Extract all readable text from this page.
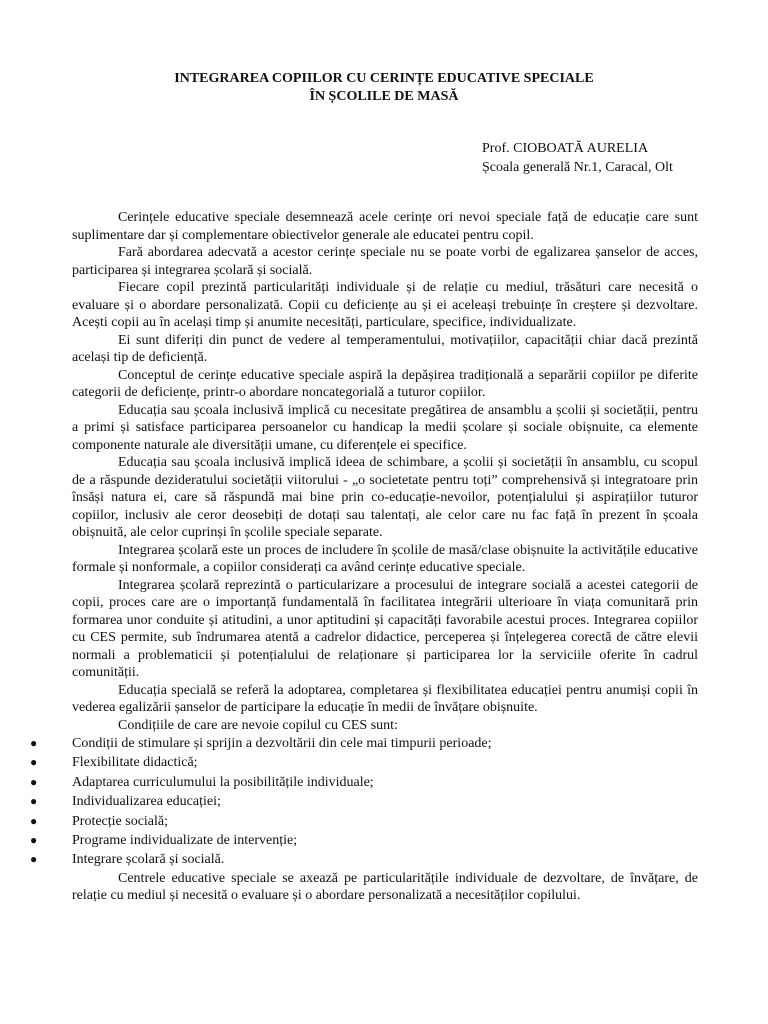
INTEGRAREA COPIILOR CU CERINȚE EDUCATIVE SPECIALE
ÎN ȘCOLILE DE MASĂ
Prof. CIOBOATĂ AURELIA
Școala generală Nr.1, Caracal, Olt

Cerințele educative speciale desemnează acele cerințe ori nevoi speciale față de educație care sunt suplimentare dar și complementare obiectivelor generale ale educatei pentru copil.

Fară abordarea adecvată a acestor cerințe speciale nu se poate vorbi de egalizarea șanselor de acces, participarea și integrarea școlară și socială.

Fiecare copil prezintă particularități individuale și de relație cu mediul, trăsături care necesită o evaluare și o abordare personalizată. Copii cu deficiențe au și ei aceleași trebuințe în creștere și dezvoltare. Acești copii au în același timp și anumite necesități, particulare, specifice, individualizate.

Ei sunt diferiți din punct de vedere al temperamentului, motivațiilor, capacității chiar dacă prezintă același tip de deficiență.

Conceptul de cerințe educative speciale aspiră la depășirea tradițională a separării copiilor pe diferite categorii de deficiențe, printr-o abordare noncategorială a tuturor copiilor.

Educația sau școala inclusivă implică cu necesitate pregătirea de ansamblu a școlii și societății, pentru a primi și satisface participarea persoanelor cu handicap la medii școlare și sociale obișnuite, ca elemente componente naturale ale diversității umane, cu diferențele ei specifice.

Educația sau școala inclusivă implică ideea de schimbare, a școlii și societății în ansamblu, cu scopul de a răspunde dezideratului societății viitorului - „o societetate pentru toți” comprehensivă și integratoare prin însăși natura ei, care să răspundă mai bine prin co-educație-nevoilor, potențialului și aspirațiilor tuturor copiilor, inclusiv ale ceror deosebiți de dotați sau talentați, ale celor care nu fac față în prezent în școala obișnuită, ale celor cuprinși în școlile speciale separate.

Integrarea școlară este un proces de includere în școlile de masă/clase obișnuite la activitățile educative formale și nonformale, a copiilor considerați ca având cerințe educative speciale.

Integrarea școlară reprezintă o particularizare a procesului de integrare socială a acestei categorii de copii, proces care are o importanță fundamentală în facilitatea integrării ulterioare în viața comunitară prin formarea unor conduite și atitudini, a unor aptitudini și capacități favorabile acestui proces. Integrarea copiilor cu CES permite, sub îndrumarea atentă a cadrelor didactice, perceperea și înțelegerea corectă de către elevii normali a problematicii și potențialului de relaționare și participarea lor la serviciile oferite în cadrul comunității.

Educația specială se referă la adoptarea, completarea și flexibilitatea educației pentru anumiși copii în vederea egalizării șanselor de participare la educație în medii de învățare obișnuite.

Condițiile de care are nevoie copilul cu CES sunt:

● Condiții de stimulare și sprijin a dezvoltării din cele mai timpurii perioade;
● Flexibilitate didactică;
● Adaptarea curriculumului la posibilitățile individuale;
● Individualizarea educației;
● Protecție socială;
● Programe individualizate de intervenție;
● Integrare școlară și socială.

Centrele educative speciale se axează pe particularitățile individuale de dezvoltare, de învățare, de relație cu mediul și necesită o evaluare și o abordare personalizată a necesităților copilului.
